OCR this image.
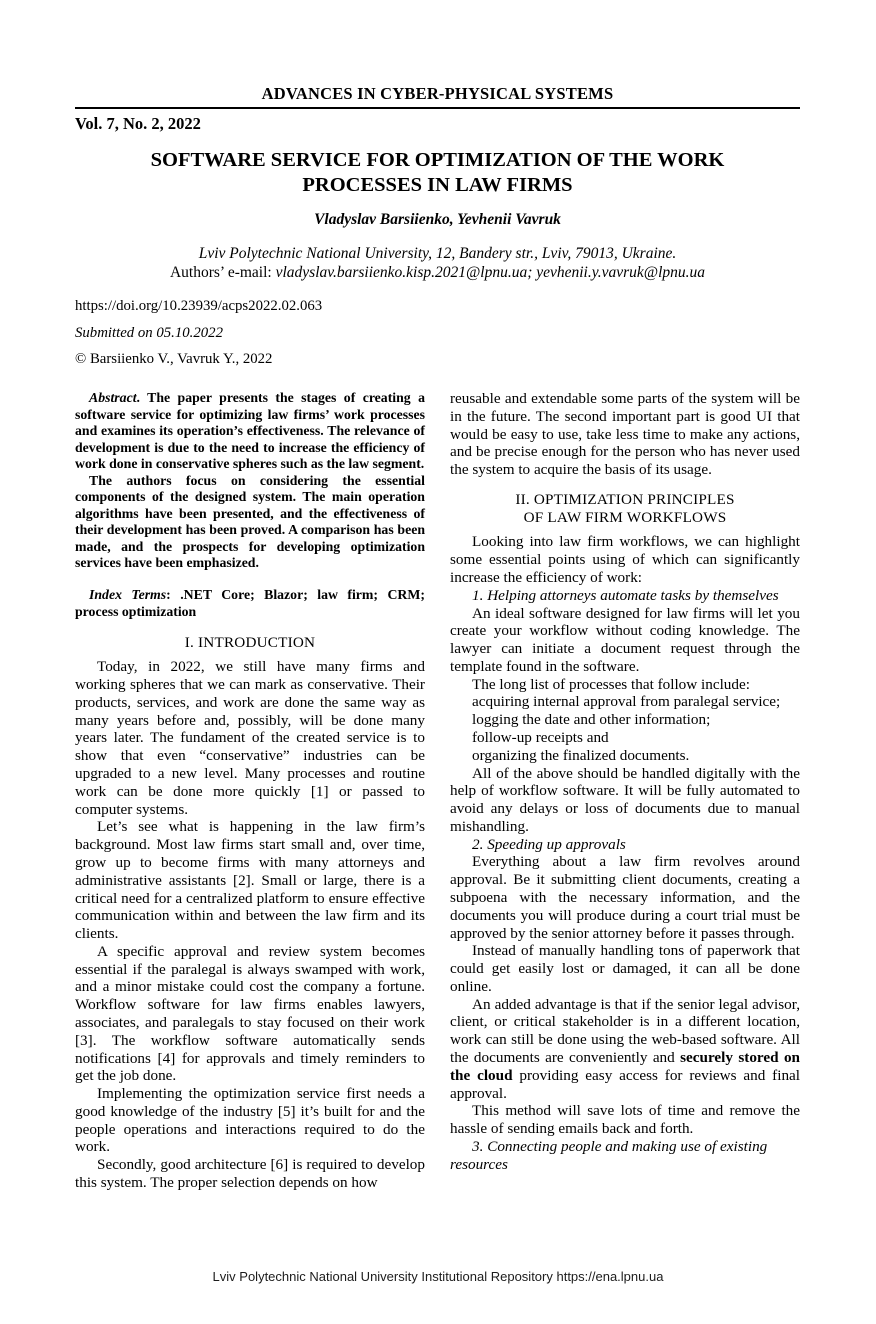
ADVANCES IN CYBER-PHYSICAL SYSTEMS
Vol. 7, No. 2, 2022
SOFTWARE SERVICE FOR OPTIMIZATION OF THE WORK PROCESSES IN LAW FIRMS
Vladyslav Barsiienko, Yevhenii Vavruk
Lviv Polytechnic National University, 12, Bandery str., Lviv, 79013, Ukraine.
Authors’ e-mail: vladyslav.barsiienko.kisp.2021@lpnu.ua; yevhenii.y.vavruk@lpnu.ua
https://doi.org/10.23939/acps2022.02.063
Submitted on 05.10.2022
© Barsiienko V., Vavruk Y., 2022

Abstract. The paper presents the stages of creating a software service for optimizing law firms’ work processes and examines its operation’s effectiveness. The relevance of development is due to the need to increase the efficiency of work done in conservative spheres such as the law segment.

The authors focus on considering the essential components of the designed system. The main operation algorithms have been presented, and the effectiveness of their development has been proved. A comparison has been made, and the prospects for developing optimization services have been emphasized.

Index Terms: .NET Core; Blazor; law firm; CRM; process optimization

I. INTRODUCTION

Today, in 2022, we still have many firms and working spheres that we can mark as conservative. Their products, services, and work are done the same way as many years before and, possibly, will be done many years later. The fundament of the created service is to show that even “conservative” industries can be upgraded to a new level. Many processes and routine work can be done more quickly [1] or passed to computer systems.

Let’s see what is happening in the law firm’s background. Most law firms start small and, over time, grow up to become firms with many attorneys and administrative assistants [2]. Small or large, there is a critical need for a centralized platform to ensure effective communication within and between the law firm and its clients.

A specific approval and review system becomes essential if the paralegal is always swamped with work, and a minor mistake could cost the company a fortune. Workflow software for law firms enables lawyers, associates, and paralegals to stay focused on their work [3]. The workflow software automatically sends notifications [4] for approvals and timely reminders to get the job done.

Implementing the optimization service first needs a good knowledge of the industry [5] it’s built for and the people operations and interactions required to do the work.

Secondly, good architecture [6] is required to develop this system. The proper selection depends on how

reusable and extendable some parts of the system will be in the future. The second important part is good UI that would be easy to use, take less time to make any actions, and be precise enough for the person who has never used the system to acquire the basis of its usage.

II. OPTIMIZATION PRINCIPLES
OF LAW FIRM WORKFLOWS

Looking into law firm workflows, we can highlight some essential points using of which can significantly increase the efficiency of work:

1. Helping attorneys automate tasks by themselves

An ideal software designed for law firms will let you create your workflow without coding knowledge. The lawyer can initiate a document request through the template found in the software.

The long list of processes that follow include:

acquiring internal approval from paralegal service;

logging the date and other information;

follow-up receipts and

organizing the finalized documents.

All of the above should be handled digitally with the help of workflow software. It will be fully automated to avoid any delays or loss of documents due to manual mishandling.

2. Speeding up approvals

Everything about a law firm revolves around approval. Be it submitting client documents, creating a subpoena with the necessary information, and the documents you will produce during a court trial must be approved by the senior attorney before it passes through.

Instead of manually handling tons of paperwork that could get easily lost or damaged, it can all be done online.

An added advantage is that if the senior legal advisor, client, or critical stakeholder is in a different location, work can still be done using the web-based software. All the documents are conveniently and securely stored on the cloud providing easy access for reviews and final approval.

This method will save lots of time and remove the hassle of sending emails back and forth.

3. Connecting people and making use of existing resources

Lviv Polytechnic National University Institutional Repository https://ena.lpnu.ua
